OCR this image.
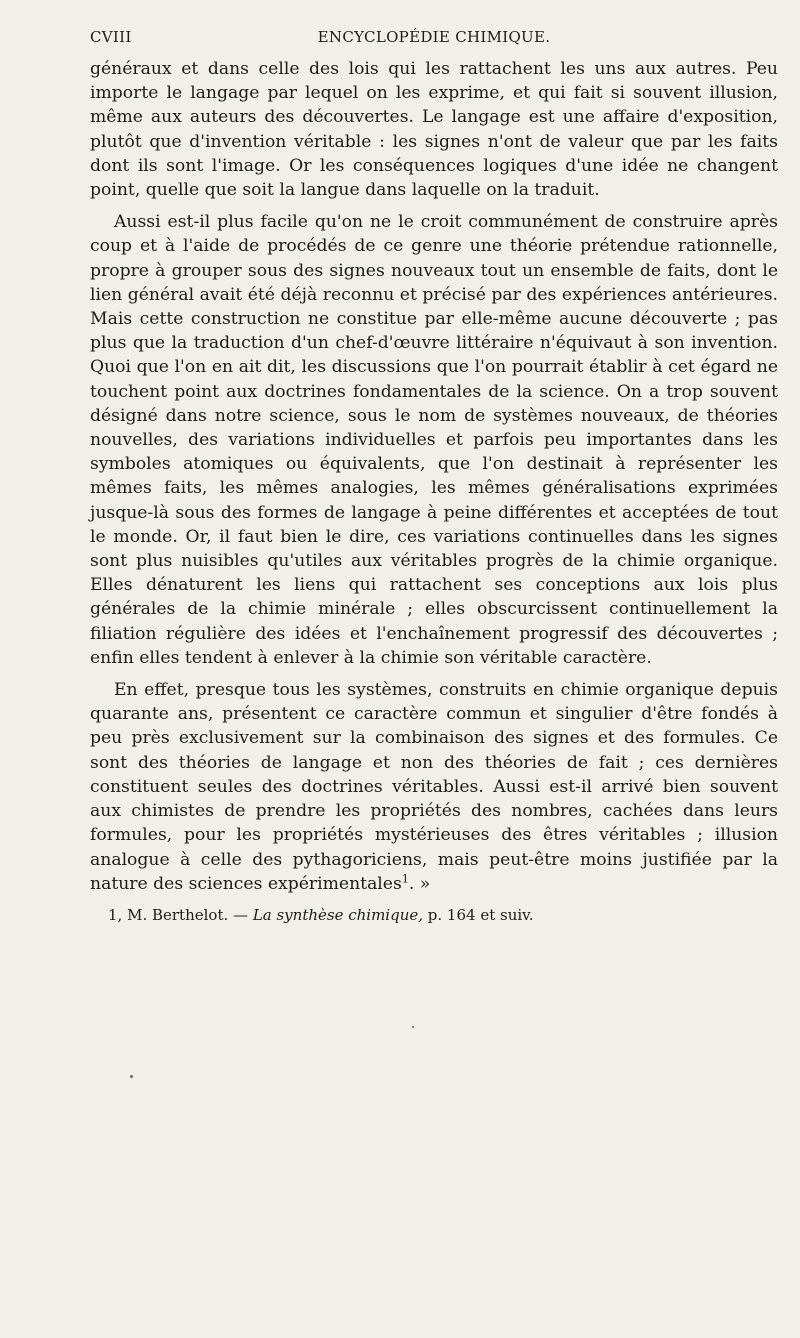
CVIII	ENCYCLOPÉDIE CHIMIQUE.

généraux et dans celle des lois qui les rattachent les uns aux autres. Peu importe le langage par lequel on les exprime, et qui fait si souvent illusion, même aux auteurs des découvertes. Le langage est une affaire d'exposition, plutôt que d'invention véritable : les signes n'ont de valeur que par les faits dont ils sont l'image. Or les conséquences logiques d'une idée ne changent point, quelle que soit la langue dans laquelle on la traduit.

Aussi est-il plus facile qu'on ne le croit communément de construire après coup et à l'aide de procédés de ce genre une théorie prétendue rationnelle, propre à grouper sous des signes nouveaux tout un ensemble de faits, dont le lien général avait été déjà reconnu et précisé par des expériences antérieures. Mais cette construction ne constitue par elle-même aucune découverte ; pas plus que la traduction d'un chef-d'œuvre littéraire n'équivaut à son invention. Quoi que l'on en ait dit, les discussions que l'on pourrait établir à cet égard ne touchent point aux doctrines fondamentales de la science. On a trop souvent désigné dans notre science, sous le nom de systèmes nouveaux, de théories nouvelles, des variations individuelles et parfois peu importantes dans les symboles atomiques ou équivalents, que l'on destinait à représenter les mêmes faits, les mêmes analogies, les mêmes généralisations exprimées jusque-là sous des formes de langage à peine différentes et acceptées de tout le monde. Or, il faut bien le dire, ces variations continuelles dans les signes sont plus nuisibles qu'utiles aux véritables progrès de la chimie organique. Elles dénaturent les liens qui rattachent ses conceptions aux lois plus générales de la chimie minérale ; elles obscurcissent continuellement la filiation régulière des idées et l'enchaînement progressif des découvertes ; enfin elles tendent à enlever à la chimie son véritable caractère.

En effet, presque tous les systèmes, construits en chimie organique depuis quarante ans, présentent ce caractère commun et singulier d'être fondés à peu près exclusivement sur la combinaison des signes et des formules. Ce sont des théories de langage et non des théories de fait ; ces dernières constituent seules des doctrines véritables. Aussi est-il arrivé bien souvent aux chimistes de prendre les propriétés des nombres, cachées dans leurs formules, pour les propriétés mystérieuses des êtres véritables ; illusion analogue à celle des pythagoriciens, mais peut-être moins justifiée par la nature des sciences expérimentales$^1$. »

1, M. Berthelot. — La synthèse chimique, p. 164 et suiv.
